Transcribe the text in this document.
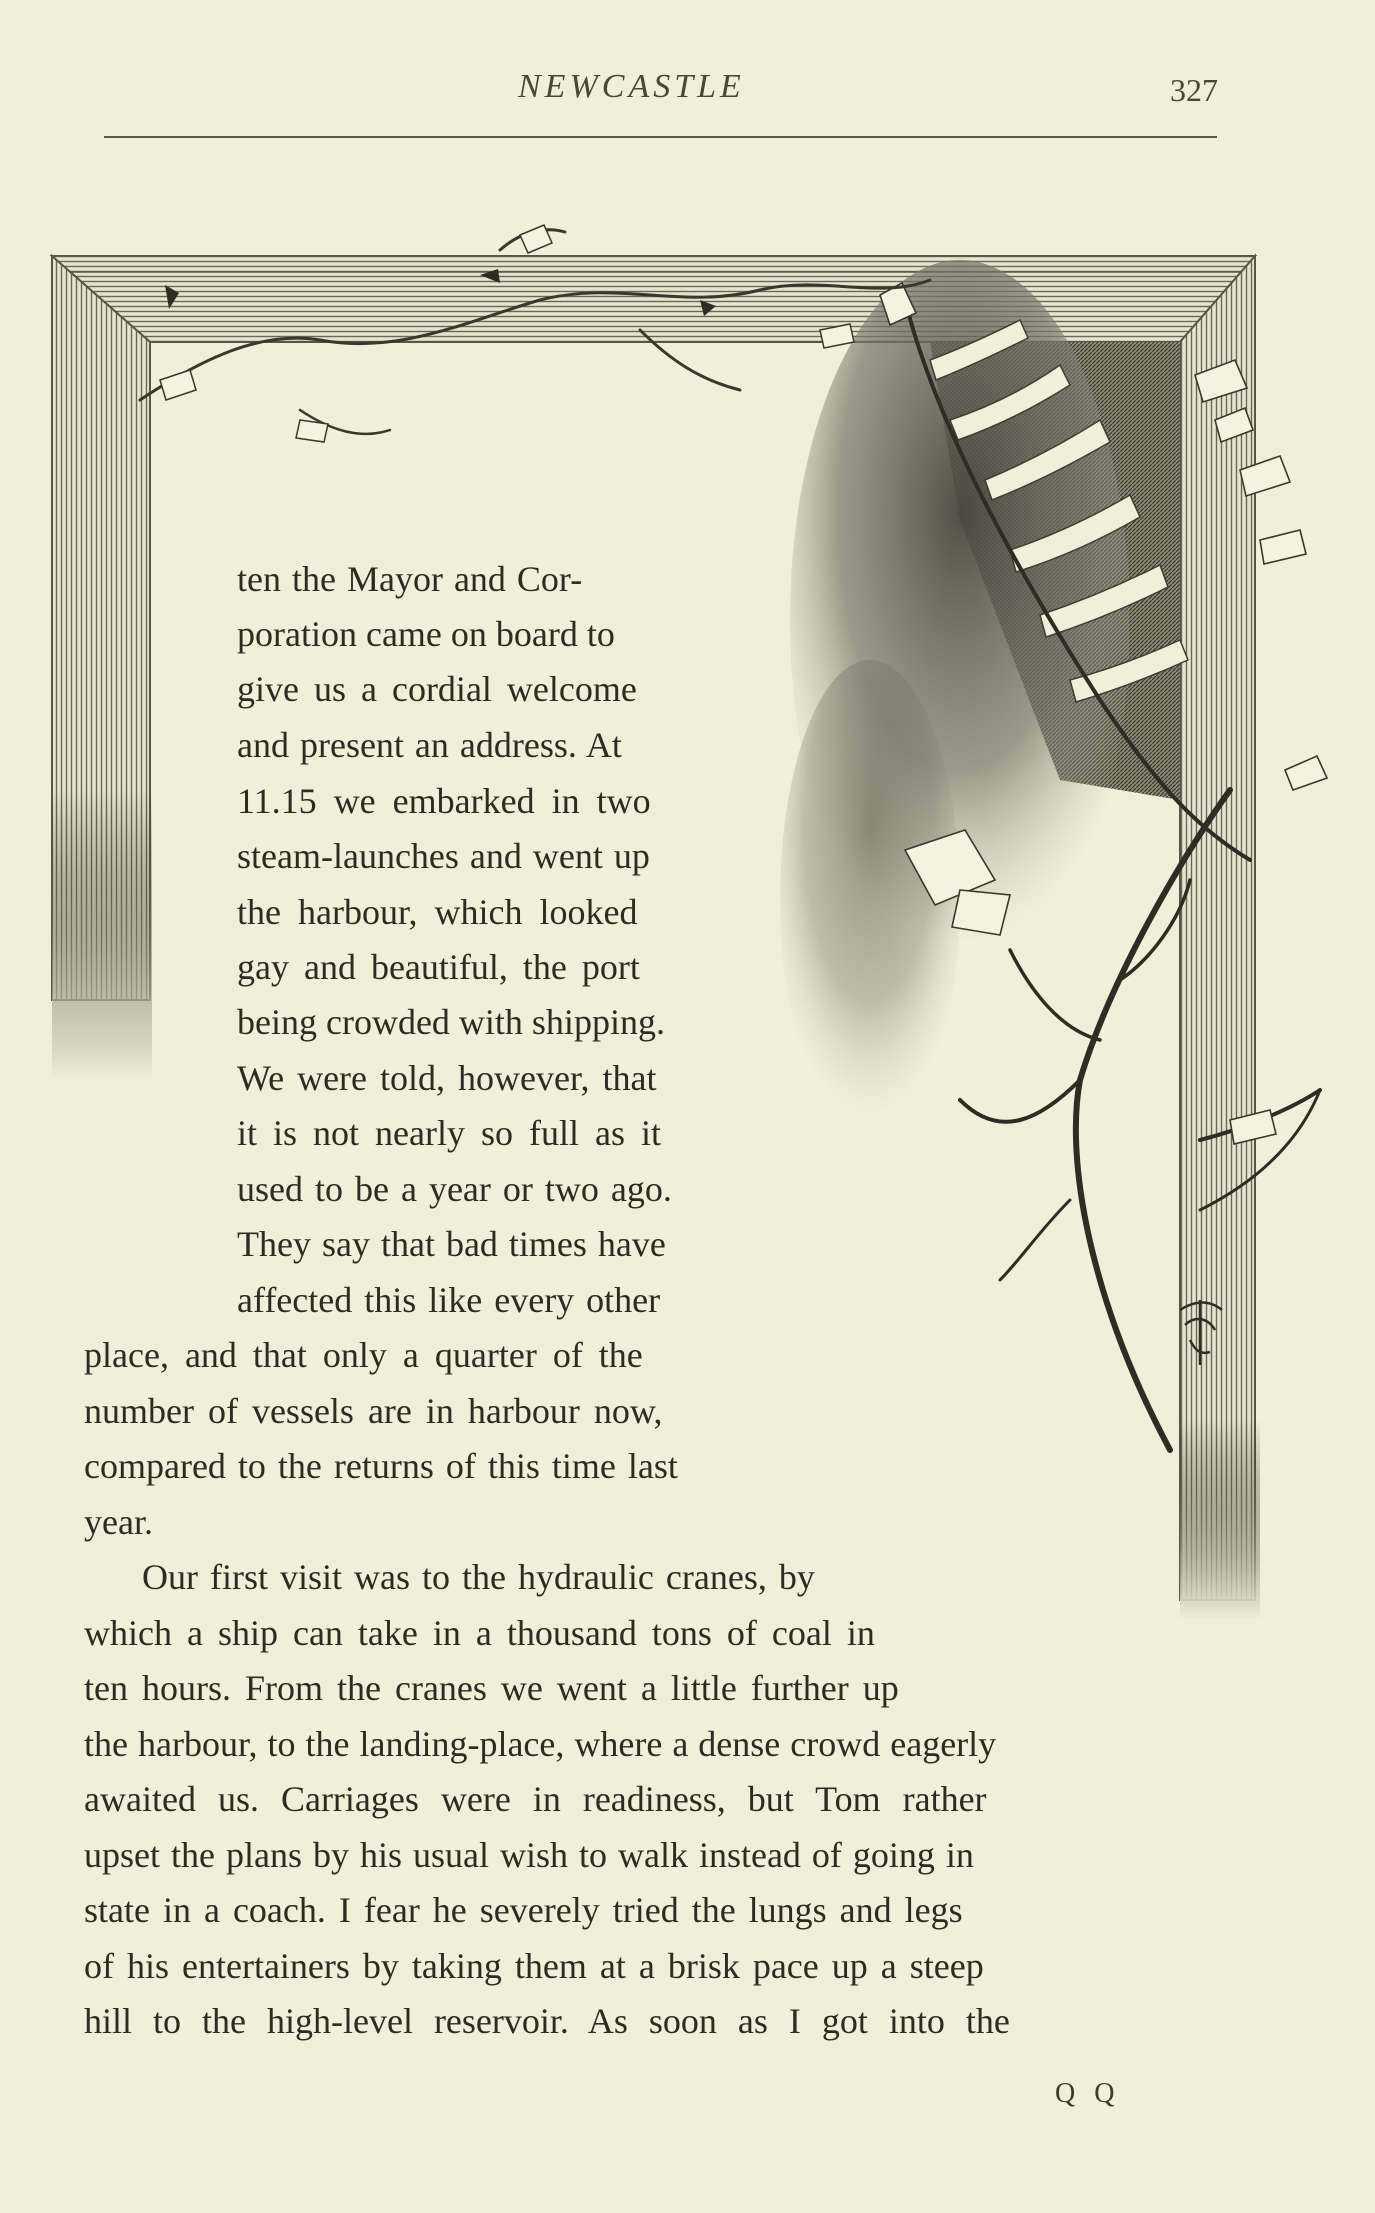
NEWCASTLE	327

ten the Mayor and Cor-

poration came on board to

give us a cordial welcome

and present an address. At

11.15 we embarked in two

steam-launches and went up

the harbour, which looked

gay and beautiful, the port

being crowded with shipping.

We were told, however, that

it is not nearly so full as it

used to be a year or two ago.

They say that bad times have

affected this like every other

place, and that only a quarter of the

number of vessels are in harbour now,

compared to the returns of this time last

year.

Our first visit was to the hydraulic cranes, by

which a ship can take in a thousand tons of coal in

ten hours. From the cranes we went a little further up

the harbour, to the landing-place, where a dense crowd eagerly

awaited us. Carriages were in readiness, but Tom rather

upset the plans by his usual wish to walk instead of going in

state in a coach. I fear he severely tried the lungs and legs

of his entertainers by taking them at a brisk pace up a steep

hill to the high-level reservoir. As soon as I got into the

Q Q
